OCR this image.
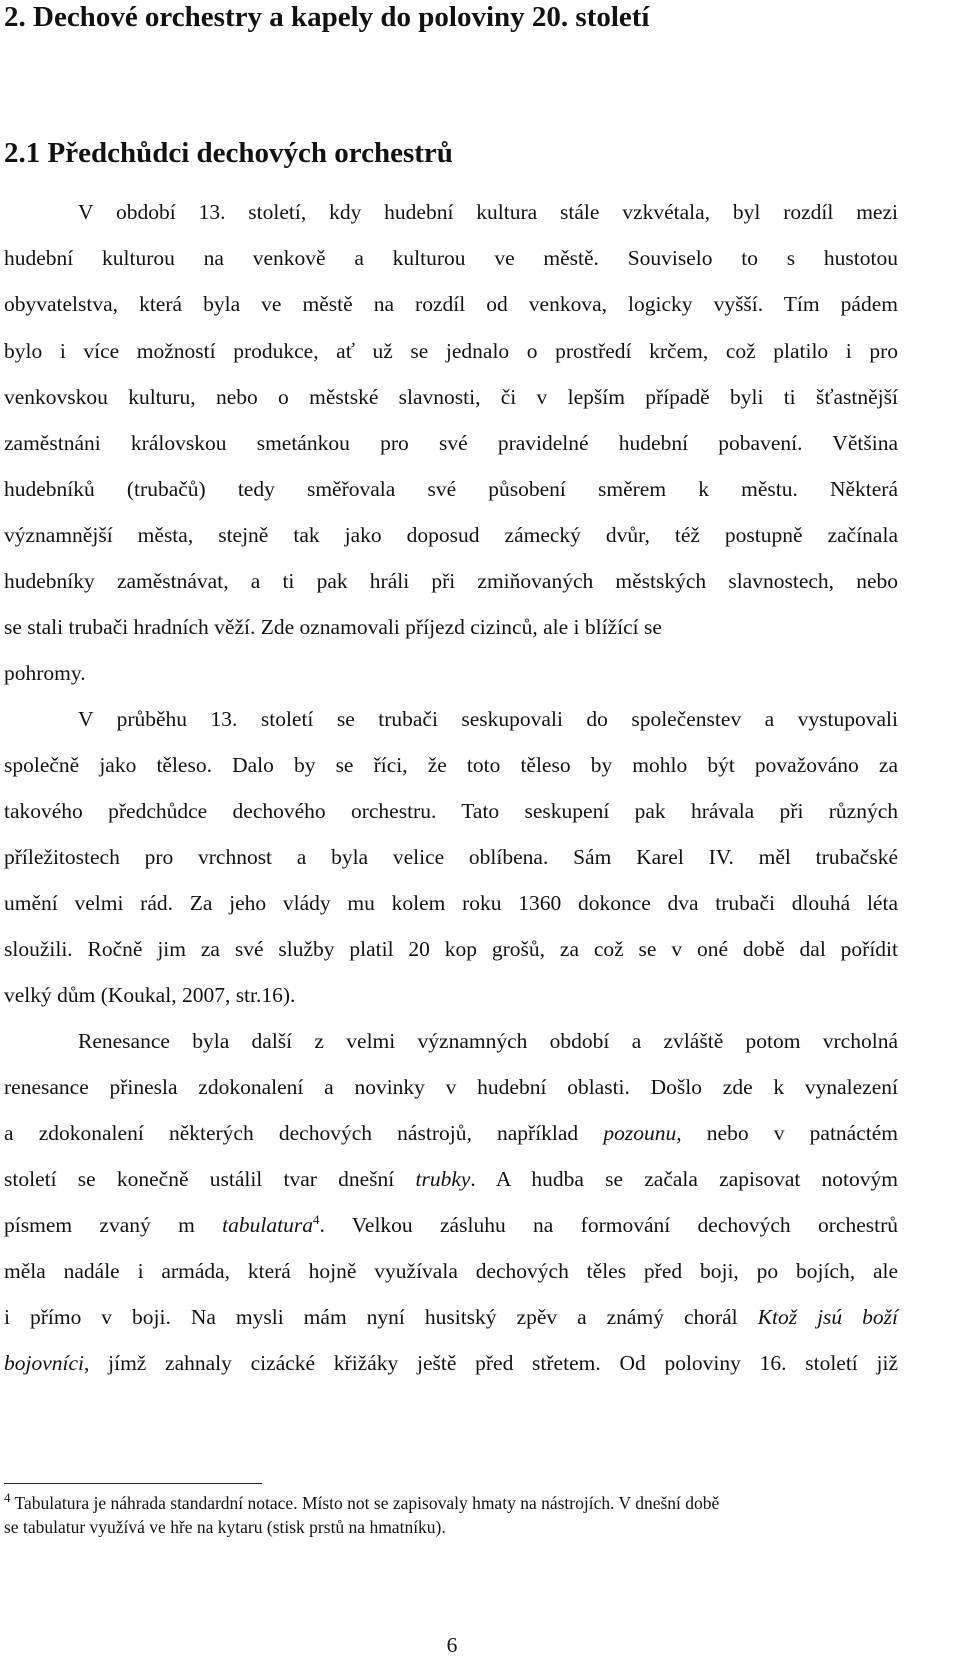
2. Dechové orchestry a kapely do poloviny 20. století
2.1 Předchůdci dechových orchestrů
V období 13. století, kdy hudební kultura stále vzkvétala, byl rozdíl mezi
hudební kulturou na venkově a kulturou ve městě. Souviselo to s hustotou
obyvatelstva, která byla ve městě na rozdíl od venkova, logicky vyšší. Tím pádem
bylo i více možností produkce, ať už se jednalo o prostředí krčem, což platilo i pro
venkovskou kulturu, nebo o městské slavnosti, či v lepším případě byli ti šťastnější
zaměstnáni královskou smetánkou pro své pravidelné hudební pobavení. Většina
hudebníků (trubačů) tedy směřovala své působení směrem k městu. Některá
významnější města, stejně tak jako doposud zámecký dvůr, též postupně začínala
hudebníky zaměstnávat, a ti pak hráli při zmiňovaných městských slavnostech, nebo
se stali trubači hradních věží. Zde oznamovali příjezd cizinců, ale i blížící se
pohromy.
V průběhu 13. století se trubači seskupovali do společenstev a vystupovali
společně jako těleso. Dalo by se říci, že toto těleso by mohlo být považováno za
takového předchůdce dechového orchestru. Tato seskupení pak hrávala při různých
příležitostech pro vrchnost a byla velice oblíbena. Sám Karel IV. měl trubačské
umění velmi rád. Za jeho vlády mu kolem roku 1360 dokonce dva trubači dlouhá léta
sloužili. Ročně jim za své služby platil 20 kop grošů, za což se v oné době dal pořídit
velký dům (Koukal, 2007, str.16).
Renesance byla další z velmi významných období a zvláště potom vrcholná
renesance přinesla zdokonalení a novinky v hudební oblasti. Došlo zde k vynalezení
a zdokonalení některých dechových nástrojů, například pozounu, nebo v patnáctém
století se konečně ustálil tvar dnešní trubky. A hudba se začala zapisovat notovým
písmem zvaný m tabulatura$^4$. Velkou zásluhu na formování dechových orchestrů
měla nadále i armáda, která hojně využívala dechových těles před boji, po bojích, ale
i přímo v boji. Na mysli mám nyní husitský zpěv a známý chorál Ktož jsú boží
bojovníci, jímž zahnaly cizácké křižáky ještě před střetem. Od poloviny 16. století již
$^4$ Tabulatura je náhrada standardní notace. Místo not se zapisovaly hmaty na nástrojích. V dnešní době
se tabulatur využívá ve hře na kytaru (stisk prstů na hmatníku).
6
